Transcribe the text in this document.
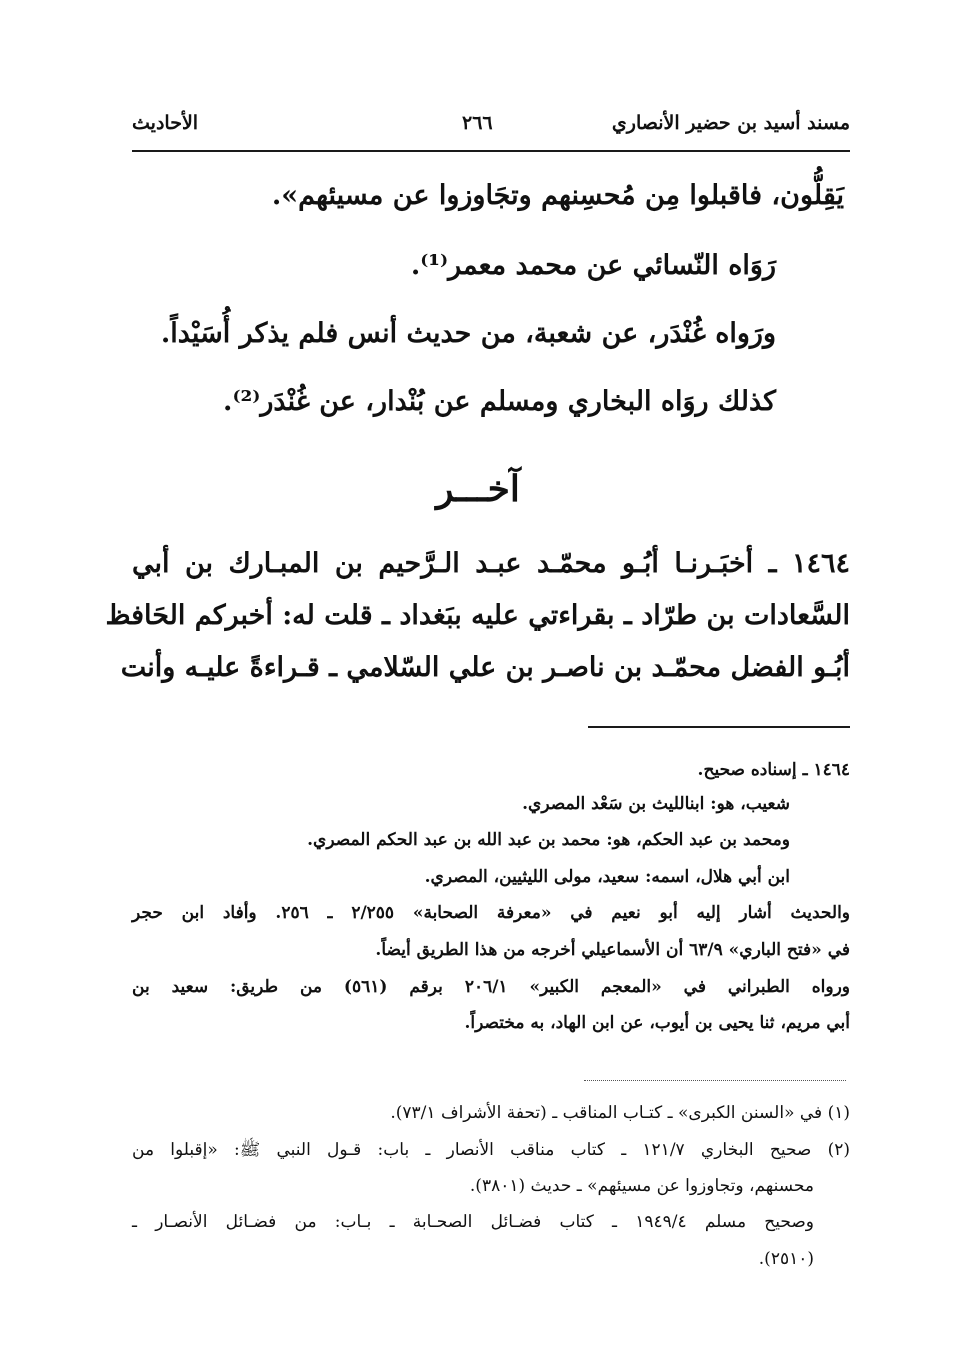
مسند أسيد بن حضير الأنصاري
٢٦٦
الأحاديث
يَقِلُّون، فاقبلوا مِن مُحسِنهم وتجَاوزوا عن مسيئهم».
رَوَاه النّسائي عن محمد معمر⁽¹⁾.
ورَواه غُنْدَر، عن شعبة، من حديث أنس فلم يذكر أُسَيْداً.
كذلك روَاه البخاري ومسلم عن بُنْدار، عن غُنْدَر⁽²⁾.
آخـــر
١٤٦٤ ـ أخبَـرنـا أبُـو محمّـد عبـد الـرَّحيم بن المبـارك بن أبي
السَّعادات بن طرّاد ـ بقراءتي عليه ببَغداد ـ قلت له: أخبركم الحَافظ
أبُـو الفضل محمّـد بن ناصـر بن علي السّلامي ـ قـراءةً عليـه وأنت
١٤٦٤ ـ إسناده صحيح.
شعيب، هو: ابنالليث بن سَعْد المصري.
ومحمد بن عبد الحكم، هو: محمد بن عبد الله بن عبد الحكم المصري.
ابن أبي هلال، اسمه: سعيد، مولى الليثيين، المصري.
والحديث أشار إليه أبو نعيم في «معرفة الصحابة» ٢/٢٥٥ ـ ٢٥٦. وأفاد ابن حجر
في «فتح الباري» ٦٣/٩ أن الأسماعيلي أخرجه من هذا الطريق أيضاً.
ورواه الطبراني في «المعجم الكبير» ٢٠٦/١ برقم (٥٦١) من طريق: سعيد بن
أبي مريم، ثنا يحيى بن أيوب، عن ابن الهاد، به مختصراً.
(١) في «السنن الكبرى» ـ كتـاب المناقب ـ (تحفة الأشراف ٧٣/١).
(٢) صحيح البخاري ١٢١/٧ ـ كتاب مناقب الأنصار ـ باب: قـول النبي ﷺ: «إقبلوا من
محسنهم، وتجاوزوا عن مسيئهم» ـ حديث (٣٨٠١).
وصحيح مسلم ١٩٤٩/٤ ـ كتاب فضـائل الصحـابة ـ بـاب: من فضـائل الأنصـار ـ
(٢٥١٠).
